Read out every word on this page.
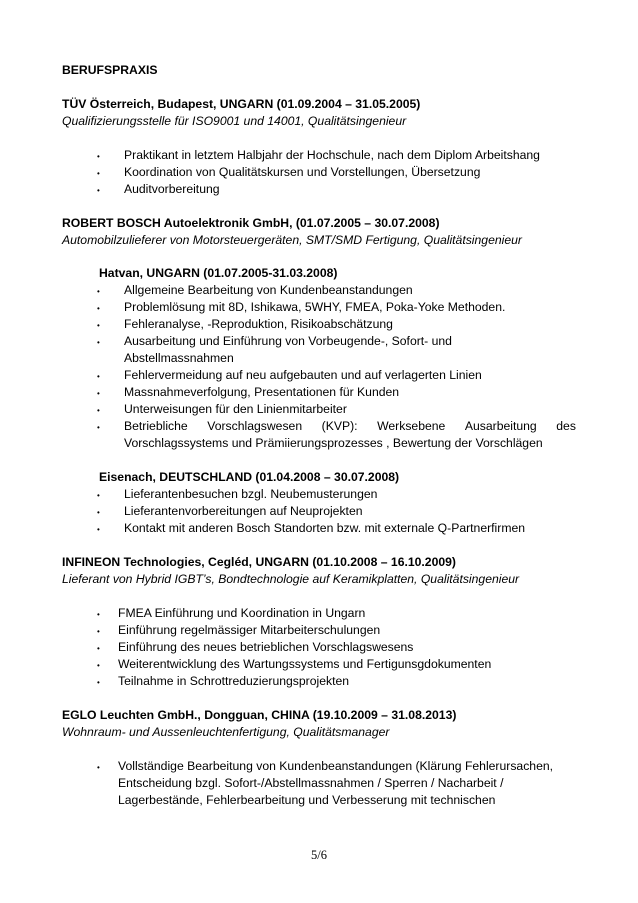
BERUFSPRAXIS
TÜV Österreich, Budapest, UNGARN (01.09.2004 – 31.05.2005)
Qualifizierungsstelle für ISO9001 und 14001, Qualitätsingenieur
• Praktikant in letztem Halbjahr der Hochschule, nach dem Diplom Arbeitshang
• Koordination von Qualitätskursen und Vorstellungen, Übersetzung
• Auditvorbereitung
ROBERT BOSCH Autoelektronik GmbH, (01.07.2005 – 30.07.2008)
Automobilzulieferer von Motorsteuergeräten, SMT/SMD Fertigung, Qualitätsingenieur
Hatvan, UNGARN (01.07.2005-31.03.2008)
• Allgemeine Bearbeitung von Kundenbeanstandungen
• Problemlösung mit 8D, Ishikawa, 5WHY, FMEA, Poka-Yoke Methoden.
• Fehleranalyse, -Reproduktion, Risikoabschätzung
• Ausarbeitung und Einführung von Vorbeugende-, Sofort- und
Abstellmassnahmen
• Fehlervermeidung auf neu aufgebauten und auf verlagerten Linien
• Massnahmeverfolgung, Presentationen für Kunden
• Unterweisungen für den Linienmitarbeiter
• Betriebliche Vorschlagswesen (KVP): Werksebene Ausarbeitung des
Vorschlagssystems und Prämiierungsprozesses , Bewertung der Vorschlägen
Eisenach, DEUTSCHLAND (01.04.2008 – 30.07.2008)
• Lieferantenbesuchen bzgl. Neubemusterungen
• Lieferantenvorbereitungen auf Neuprojekten
• Kontakt mit anderen Bosch Standorten bzw. mit externale Q-Partnerfirmen
INFINEON Technologies, Cegléd, UNGARN (01.10.2008 – 16.10.2009)
Lieferant von Hybrid IGBT’s, Bondtechnologie auf Keramikplatten, Qualitätsingenieur
• FMEA Einführung und Koordination in Ungarn
• Einführung regelmässiger Mitarbeiterschulungen
• Einführung des neues betrieblichen Vorschlagswesens
• Weiterentwicklung des Wartungssystems und Fertigunsgdokumenten
• Teilnahme in Schrottreduzierungsprojekten
EGLO Leuchten GmbH., Dongguan, CHINA (19.10.2009 – 31.08.2013)
Wohnraum- und Aussenleuchtenfertigung, Qualitätsmanager
• Vollständige Bearbeitung von Kundenbeanstandungen (Klärung Fehlerursachen,
Entscheidung bzgl. Sofort-/Abstellmassnahmen / Sperren / Nacharbeit /
Lagerbestände, Fehlerbearbeitung und Verbesserung mit technischen
5/6
